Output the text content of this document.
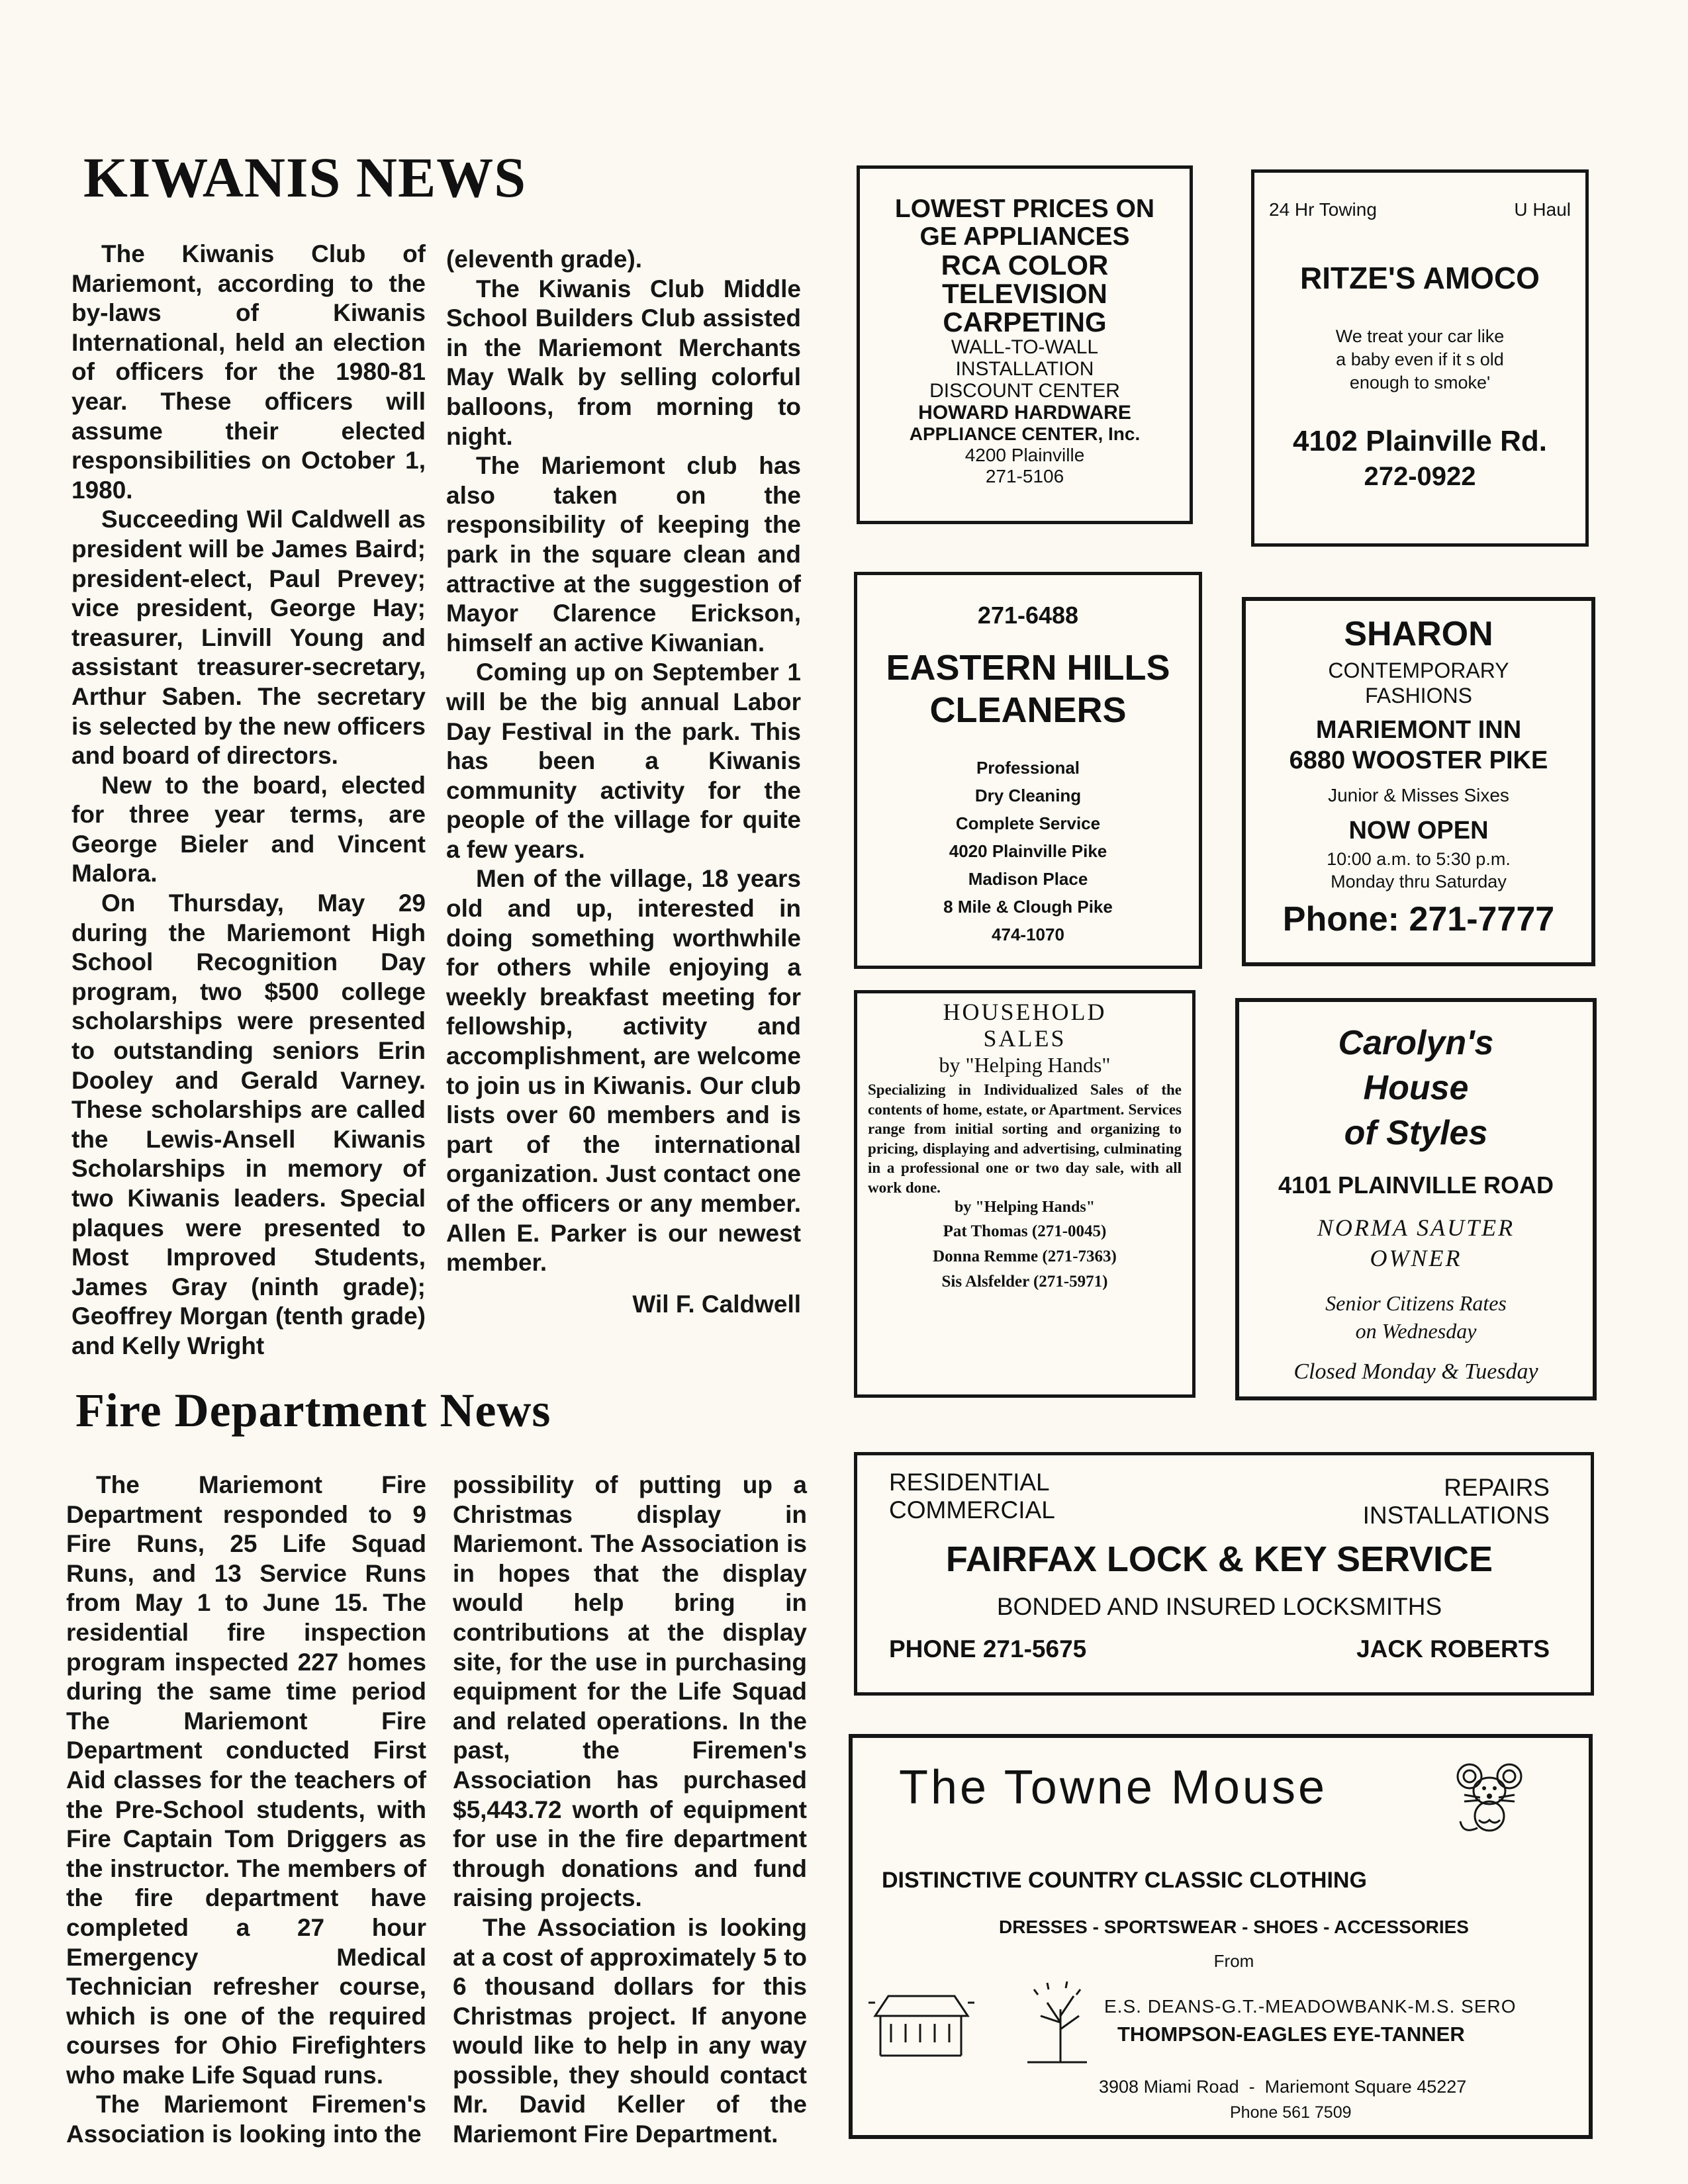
KIWANIS NEWS

The Kiwanis Club of Mariemont, according to the by-laws of Kiwanis International, held an election of officers for the 1980-81 year. These officers will assume their elected responsibilities on October 1, 1980.

Succeeding Wil Caldwell as president will be James Baird; president-elect, Paul Prevey; vice president, George Hay; treasurer, Linvill Young and assistant treasurer-secretary, Arthur Saben. The secretary is selected by the new officers and board of directors.

New to the board, elected for three year terms, are George Bieler and Vincent Malora.

On Thursday, May 29 during the Mariemont High School Recognition Day program, two $500 college scholarships were presented to outstanding seniors Erin Dooley and Gerald Varney. These scholarships are called the Lewis-Ansell Kiwanis Scholarships in memory of two Kiwanis leaders. Special plaques were presented to Most Improved Students, James Gray (ninth grade); Geoffrey Morgan (tenth grade) and Kelly Wright

(eleventh grade).

The Kiwanis Club Middle School Builders Club assisted in the Mariemont Merchants May Walk by selling colorful balloons, from morning to night.

The Mariemont club has also taken on the responsibility of keeping the park in the square clean and attractive at the suggestion of Mayor Clarence Erickson, himself an active Kiwanian.

Coming up on September 1 will be the big annual Labor Day Festival in the park. This has been a Kiwanis community activity for the people of the village for quite a few years.

Men of the village, 18 years old and up, interested in doing something worthwhile for others while enjoying a weekly breakfast meeting for fellowship, activity and accomplishment, are welcome to join us in Kiwanis. Our club lists over 60 members and is part of the international organization. Just contact one of the officers or any member. Allen E. Parker is our newest member.

Wil F. Caldwell
Fire Department News

The Mariemont Fire Department responded to 9 Fire Runs, 25 Life Squad Runs, and 13 Service Runs from May 1 to June 15. The residential fire inspection program inspected 227 homes during the same time period The Mariemont Fire Department conducted First Aid classes for the teachers of the Pre-School students, with Fire Captain Tom Driggers as the instructor. The members of the fire department have completed a 27 hour Emergency Medical Technician refresher course, which is one of the required courses for Ohio Firefighters who make Life Squad runs.

The Mariemont Firemen's Association is looking into the

possibility of putting up a Christmas display in Mariemont. The Association is in hopes that the display would help bring in contributions at the display site, for the use in purchasing equipment for the Life Squad and related operations. In the past, the Firemen's Association has purchased $5,443.72 worth of equipment for use in the fire department through donations and fund raising projects.

The Association is looking at a cost of approximately 5 to 6 thousand dollars for this Christmas project. If anyone would like to help in any way possible, they should contact Mr. David Keller of the Mariemont Fire Department.

LOWEST PRICES ON
GE APPLIANCES
RCA COLOR
TELEVISION
CARPETING
WALL-TO-WALL
INSTALLATION
DISCOUNT CENTER
HOWARD HARDWARE
APPLIANCE CENTER, Inc.
4200 Plainville
271-5106
24 Hr Towing	U Haul
RITZE'S AMOCO
We treat your car like
a baby even if it s old
enough to smoke'
4102 Plainville Rd.
272-0922
271-6488
EASTERN HILLS
CLEANERS
Professional
Dry Cleaning
Complete Service
4020 Plainville Pike
Madison Place
8 Mile & Clough Pike
474-1070
SHARON
CONTEMPORARY
FASHIONS
MARIEMONT INN
6880 WOOSTER PIKE
Junior & Misses Sixes
NOW OPEN
10:00 a.m. to 5:30 p.m.
Monday thru Saturday
Phone: 271-7777
HOUSEHOLD
SALES
by "Helping Hands"
Specializing in Individualized Sales of the contents of home, estate, or Apartment. Services range from initial sorting and organizing to pricing, displaying and advertising, culminating in a professional one or two day sale, with all work done.
by "Helping Hands"
Pat Thomas (271-0045)
Donna Remme (271-7363)
Sis Alsfelder (271-5971)
Carolyn's
House
of Styles
4101 PLAINVILLE ROAD
NORMA SAUTER
OWNER
Senior Citizens Rates
on Wednesday
Closed Monday & Tuesday
RESIDENTIAL
COMMERCIAL
REPAIRS
INSTALLATIONS
FAIRFAX LOCK & KEY SERVICE
BONDED AND INSURED LOCKSMITHS
PHONE 271-5675	JACK ROBERTS
The Towne Mouse
DISTINCTIVE COUNTRY CLASSIC CLOTHING
DRESSES - SPORTSWEAR - SHOES - ACCESSORIES
From
E.S. DEANS-G.T.-MEADOWBANK-M.S. SERO
THOMPSON-EAGLES EYE-TANNER
3908 Miami Road  -  Mariemont Square 45227
Phone 561 7509
